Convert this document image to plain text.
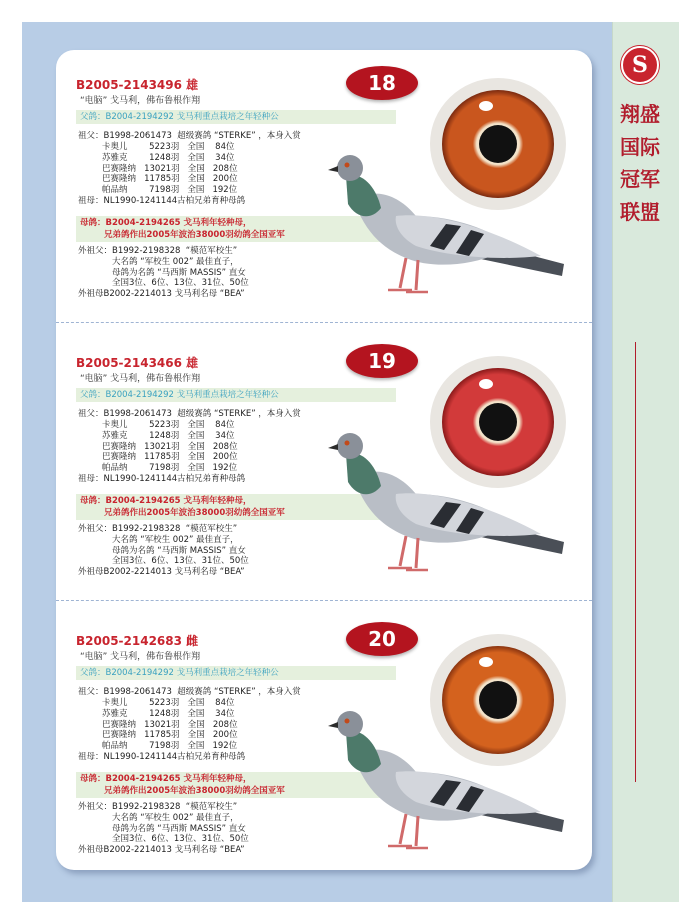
S
翔盛国际冠军联盟
B2005-2143496 雄
“电脑” 戈马利，佛布鲁根作翔
父鸽：B2004-2194292 戈马利重点栽培之年轻种公
祖父：B1998-2061473  超级赛鸽 “STERKE” ，本身入赏
卡奥儿        5223羽   全国    84位
苏雅克        1248羽   全国    34位
巴赛隆纳   13021羽   全国   208位
巴赛隆纳   11785羽   全国   200位
帕品纳        7198羽   全国   192位
祖母：NL1990-1241144古柏兄弟育种母鸽
母鸽：B2004-2194265 戈马利年轻种母，
兄弟鸽作出2005年波治38000羽幼鸽全国亚军
外祖父：B1992-2198328  “模范军校生”
大名鸽 “军校生 002” 最佳直子，
母鸽为名鸽 “马西斯 MASSIS” 直女
全国3位、6位、13位、31位、50位
外祖母B2002-2214013 戈马利名母 “BEA”
18
B2005-2143466 雄
“电脑” 戈马利，佛布鲁根作翔
父鸽：B2004-2194292 戈马利重点栽培之年轻种公
祖父：B1998-2061473  超级赛鸽 “STERKE” ，本身入赏
卡奥儿        5223羽   全国    84位
苏雅克        1248羽   全国    34位
巴赛隆纳   13021羽   全国   208位
巴赛隆纳   11785羽   全国   200位
帕品纳        7198羽   全国   192位
祖母：NL1990-1241144古柏兄弟育种母鸽
母鸽：B2004-2194265 戈马利年轻种母，
兄弟鸽作出2005年波治38000羽幼鸽全国亚军
外祖父：B1992-2198328  “模范军校生”
大名鸽 “军校生 002” 最佳直子，
母鸽为名鸽 “马西斯 MASSIS” 直女
全国3位、6位、13位、31位、50位
外祖母B2002-2214013 戈马利名母 “BEA”
19
B2005-2142683 雌
“电脑” 戈马利，佛布鲁根作翔
父鸽：B2004-2194292 戈马利重点栽培之年轻种公
祖父：B1998-2061473  超级赛鸽 “STERKE” ，本身入赏
卡奥儿        5223羽   全国    84位
苏雅克        1248羽   全国    34位
巴赛隆纳   13021羽   全国   208位
巴赛隆纳   11785羽   全国   200位
帕品纳        7198羽   全国   192位
祖母：NL1990-1241144古柏兄弟育种母鸽
母鸽：B2004-2194265 戈马利年轻种母，
兄弟鸽作出2005年波治38000羽幼鸽全国亚军
外祖父：B1992-2198328  “模范军校生”
大名鸽 “军校生 002” 最佳直子，
母鸽为名鸽 “马西斯 MASSIS” 直女
全国3位、6位、13位、31位、50位
外祖母B2002-2214013 戈马利名母 “BEA”
20
